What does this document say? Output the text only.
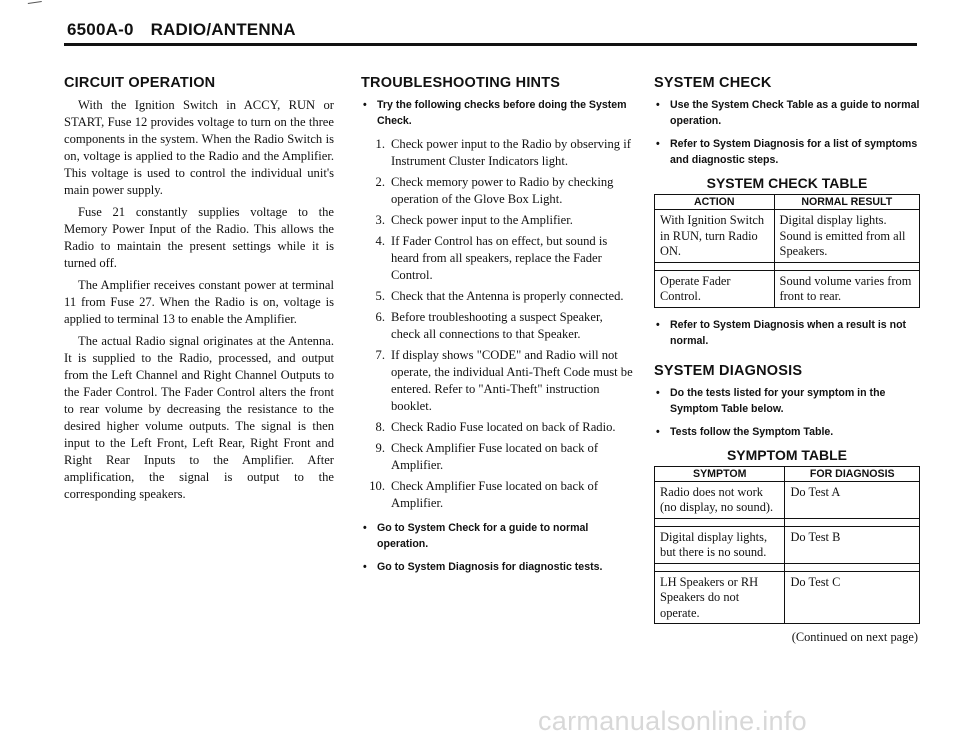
6500A-0 RADIO/ANTENNA
CIRCUIT OPERATION

With the Ignition Switch in ACCY, RUN or START, Fuse 12 provides voltage to turn on the three components in the system. When the Radio Switch is on, voltage is applied to the Radio and the Amplifier. This voltage is used to control the individual unit's main power supply.

Fuse 21 constantly supplies voltage to the Memory Power Input of the Radio. This allows the Radio to maintain the present settings while it is turned off.

The Amplifier receives constant power at terminal 11 from Fuse 27. When the Radio is on, voltage is applied to terminal 13 to enable the Amplifier.

The actual Radio signal originates at the Antenna. It is supplied to the Radio, processed, and output from the Left Channel and Right Channel Outputs to the Fader Control. The Fader Control alters the front to rear volume by decreasing the resistance to the desired higher volume outputs. The signal is then input to the Left Front, Left Rear, Right Front and Right Rear Inputs to the Amplifier. After amplification, the signal is output to the corresponding speakers.

TROUBLESHOOTING HINTS
• Try the following checks before doing the System Check.
1. Check power input to the Radio by observing if Instrument Cluster Indicators light.
2. Check memory power to Radio by checking operation of the Glove Box Light.
3. Check power input to the Amplifier.
4. If Fader Control has on effect, but sound is heard from all speakers, replace the Fader Control.
5. Check that the Antenna is properly connected.
6. Before troubleshooting a suspect Speaker, check all connections to that Speaker.
7. If display shows "CODE" and Radio will not operate, the individual Anti-Theft Code must be entered. Refer to "Anti-Theft" instruction booklet.
8. Check Radio Fuse located on back of Radio.
9. Check Amplifier Fuse located on back of Amplifier.
10. Check Amplifier Fuse located on back of Amplifier.
• Go to System Check for a guide to normal operation.
• Go to System Diagnosis for diagnostic tests.
SYSTEM CHECK
• Use the System Check Table as a guide to normal operation.
• Refer to System Diagnosis for a list of symptoms and diagnostic steps.
SYSTEM CHECK TABLE
ACTION	NORMAL RESULT
With Ignition Switch in RUN, turn Radio ON.	Digital display lights. Sound is emitted from all Speakers.

Operate Fader Control.	Sound volume varies from front to rear.
• Refer to System Diagnosis when a result is not normal.
SYSTEM DIAGNOSIS
• Do the tests listed for your symptom in the Symptom Table below.
• Tests follow the Symptom Table.
SYMPTOM TABLE
SYMPTOM	FOR DIAGNOSIS
Radio does not work (no display, no sound).	Do Test A

Digital display lights, but there is no sound.	Do Test B

LH Speakers or RH Speakers do not operate.	Do Test C
(Continued on next page)
carmanualsonline.info
